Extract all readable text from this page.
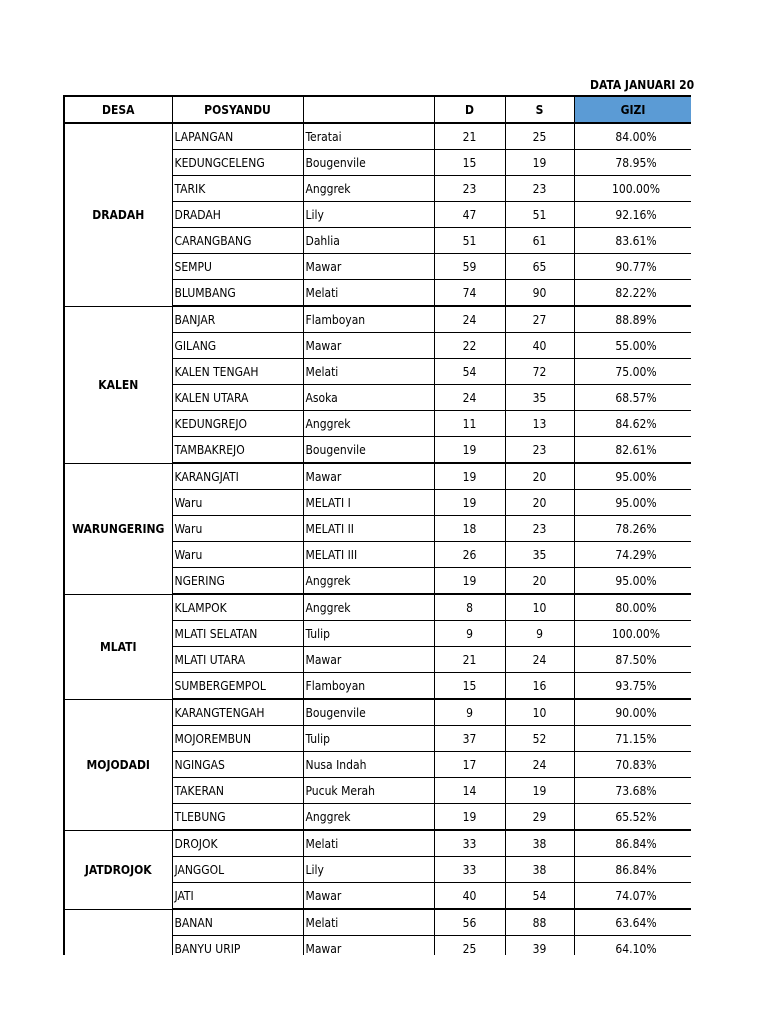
DATA JANUARI 20
DESA	POSYANDU		D	S	GIZI
DRADAH	LAPANGAN	Teratai	21	25	84.00%
	KEDUNGCELENG	Bougenvile	15	19	78.95%
	TARIK	Anggrek	23	23	100.00%
	DRADAH	Lily	47	51	92.16%
	CARANGBANG	Dahlia	51	61	83.61%
	SEMPU	Mawar	59	65	90.77%
	BLUMBANG	Melati	74	90	82.22%
KALEN	BANJAR	Flamboyan	24	27	88.89%
	GILANG	Mawar	22	40	55.00%
	KALEN TENGAH	Melati	54	72	75.00%
	KALEN UTARA	Asoka	24	35	68.57%
	KEDUNGREJO	Anggrek	11	13	84.62%
	TAMBAKREJO	Bougenvile	19	23	82.61%
WARUNGERING	KARANGJATI	Mawar	19	20	95.00%
	Waru	MELATI I	19	20	95.00%
	Waru	MELATI II	18	23	78.26%
	Waru	MELATI III	26	35	74.29%
	NGERING	Anggrek	19	20	95.00%
MLATI	KLAMPOK	Anggrek	8	10	80.00%
	MLATI SELATAN	Tulip	9	9	100.00%
	MLATI UTARA	Mawar	21	24	87.50%
	SUMBERGEMPOL	Flamboyan	15	16	93.75%
MOJODADI	KARANGTENGAH	Bougenvile	9	10	90.00%
	MOJOREMBUN	Tulip	37	52	71.15%
	NGINGAS	Nusa Indah	17	24	70.83%
	TAKERAN	Pucuk Merah	14	19	73.68%
	TLEBUNG	Anggrek	19	29	65.52%
JATDROJOK	DROJOK	Melati	33	38	86.84%
	JANGGOL	Lily	33	38	86.84%
	JATI	Mawar	40	54	74.07%
	BANAN	Melati	56	88	63.64%
	BANYU URIP	Mawar	25	39	64.10%
